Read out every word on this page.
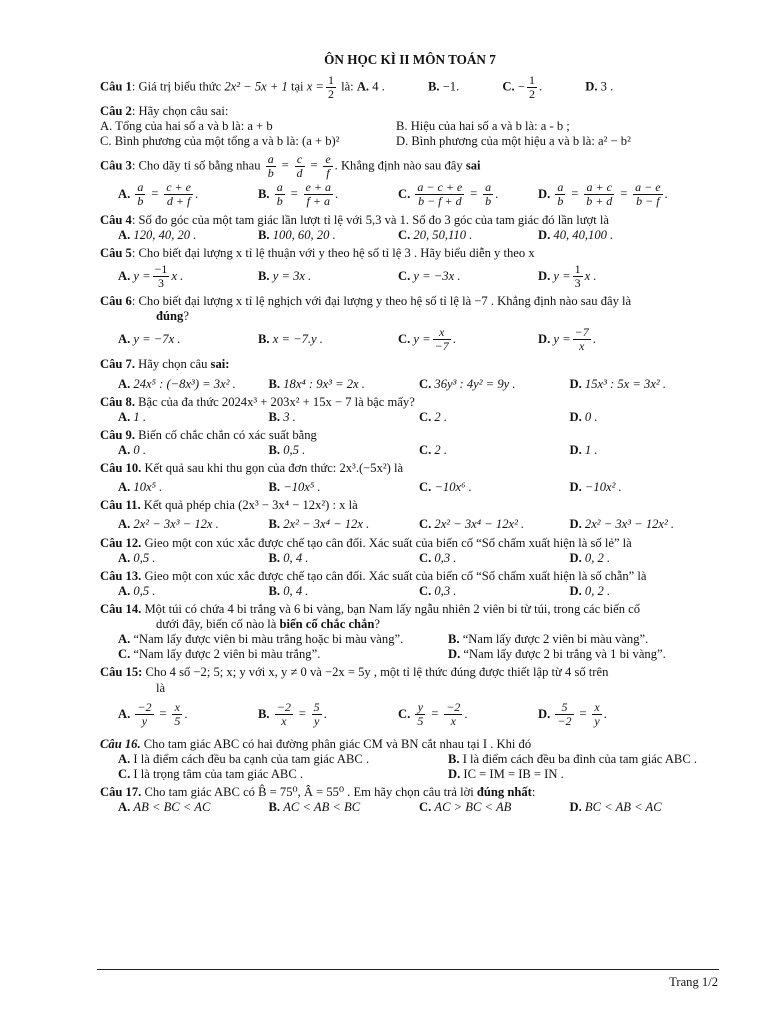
ÔN HỌC KÌ II MÔN TOÁN 7
Câu 1: Giá trị biểu thức 2x² − 5x + 1 tại $x = \frac{1}{2}$ là: A. 4 .	B. −1.	C. − $\frac{1}{2}$ .	D. 3 .
Câu 2: Hãy chọn câu sai:
A. Tổng của hai số a và b là: a + b	B. Hiệu của hai số a và b là: a - b ;
C. Bình phương của một tổng a và b là: (a + b)²	D. Bình phương của một hiệu a và b là: a² − b²
Câu 3: Cho dãy tỉ số bằng nhau $\frac{a}{b} = \frac{c}{d} = \frac{e}{f}$ . Khẳng định nào sau đây sai
A.
$\frac{a}{b} = \frac{c + e}{d + f}$ .	B.
$\frac{a}{b} = \frac{e + a}{f + a}$ .	C.
$\frac{a - c + e}{b - f + d} = \frac{a}{b}$ .	D.
$\frac{a}{b} = \frac{a + c}{b + d} = \frac{a - e}{b - f}$ .
Câu 4: Số đo góc của một tam giác lần lượt tỉ lệ với 5,3 và 1. Số đo 3 góc của tam giác đó lần lượt là
A. 120, 40, 20 .	B. 100, 60, 20 .	C. 20, 50,110 .	D. 40, 40,100 .
Câu 5: Cho biết đại lượng x tỉ lệ thuận với y theo hệ số tỉ lệ 3 . Hãy biểu diễn y theo x
A.
$y = \frac{-1}{3}$ x .	B.
y = 3x .	C.
y = −3x .	D.
$y = \frac{1}{3}$ x .
Câu 6: Cho biết đại lượng x tỉ lệ nghịch với đại lượng y theo hệ số tỉ lệ là −7 . Khẳng định nào sau đây là
đúng?
A.
y = −7x .	B.
x = −7.y .	C.
$y = \frac{x}{-7}$ .	D.
$y = \frac{-7}{x}$ .
Câu 7. Hãy chọn câu sai:
A. 24x⁵ : (−8x³) = 3x² .	B. 18x⁴ : 9x³ = 2x .	C. 36y³ : 4y² = 9y .	D. 15x³ : 5x = 3x² .
Câu 8. Bậc của đa thức 2024x³ + 203x² + 15x − 7 là bậc mấy?
A. 1 .	B. 3 .	C. 2 .	D. 0 .
Câu 9. Biến cố chắc chắn có xác suất bằng
A. 0 .	B. 0,5 .	C. 2 .	D. 1 .
Câu 10. Kết quả sau khi thu gọn của đơn thức: 2x³.(−5x²) là
A. 10x⁵ .	B. −10x⁵ .	C. −10x⁶ .	D. −10x² .
Câu 11. Kết quả phép chia (2x³ − 3x⁴ − 12x²) : x là
A. 2x² − 3x³ − 12x .	B. 2x² − 3x⁴ − 12x .	C. 2x² − 3x⁴ − 12x² .	D. 2x² − 3x³ − 12x² .
Câu 12. Gieo một con xúc xắc được chế tạo cân đối. Xác suất của biến cố “Số chấm xuất hiện là số lẻ” là
A. 0,5 .	B. 0, 4 .	C. 0,3 .	D. 0, 2 .
Câu 13. Gieo một con xúc xắc được chế tạo cân đối. Xác suất của biến cố “Số chấm xuất hiện là số chẵn” là
A. 0,5 .	B. 0, 4 .	C. 0,3 .	D. 0, 2 .
Câu 14. Một túi có chứa 4 bi trắng và 6 bi vàng, bạn Nam lấy ngẫu nhiên 2 viên bi từ túi, trong các biến cố
dưới đây, biến cố nào là biến cố chắc chắn?
A. “Nam lấy được viên bi màu trắng hoặc bi màu vàng”.	B. “Nam lấy được 2 viên bi màu vàng”.
C. “Nam lấy được 2 viên bi màu trắng”.	D. “Nam lấy được 2 bi trắng và 1 bi vàng”.
Câu 15: Cho 4 số −2; 5; x; y với x, y ≠ 0 và −2x = 5y , một tỉ lệ thức đúng được thiết lập từ 4 số trên
là
A.
$\frac{-2}{y} = \frac{x}{5}$ .	B.
$\frac{-2}{x} = \frac{5}{y}$ .	C.
$\frac{y}{5} = \frac{-2}{x}$ .	D.
$\frac{5}{-2} = \frac{x}{y}$ .
Câu 16. Cho tam giác ABC có hai đường phân giác CM và BN cắt nhau tại I . Khi đó
A. I là điểm cách đều ba cạnh của tam giác ABC .	B. I là điểm cách đều ba đỉnh của tam giác ABC .
C. I là trọng tâm của tam giác ABC .	D. IC = IM = IB = IN .
Câu 17. Cho tam giác ABC có B̂ = 75⁰, Â = 55⁰ . Em hãy chọn câu trả lời đúng nhất:
A. AB < BC < AC	B. AC < AB < BC	C. AC > BC < AB	D. BC < AB < AC
Trang 1/2
